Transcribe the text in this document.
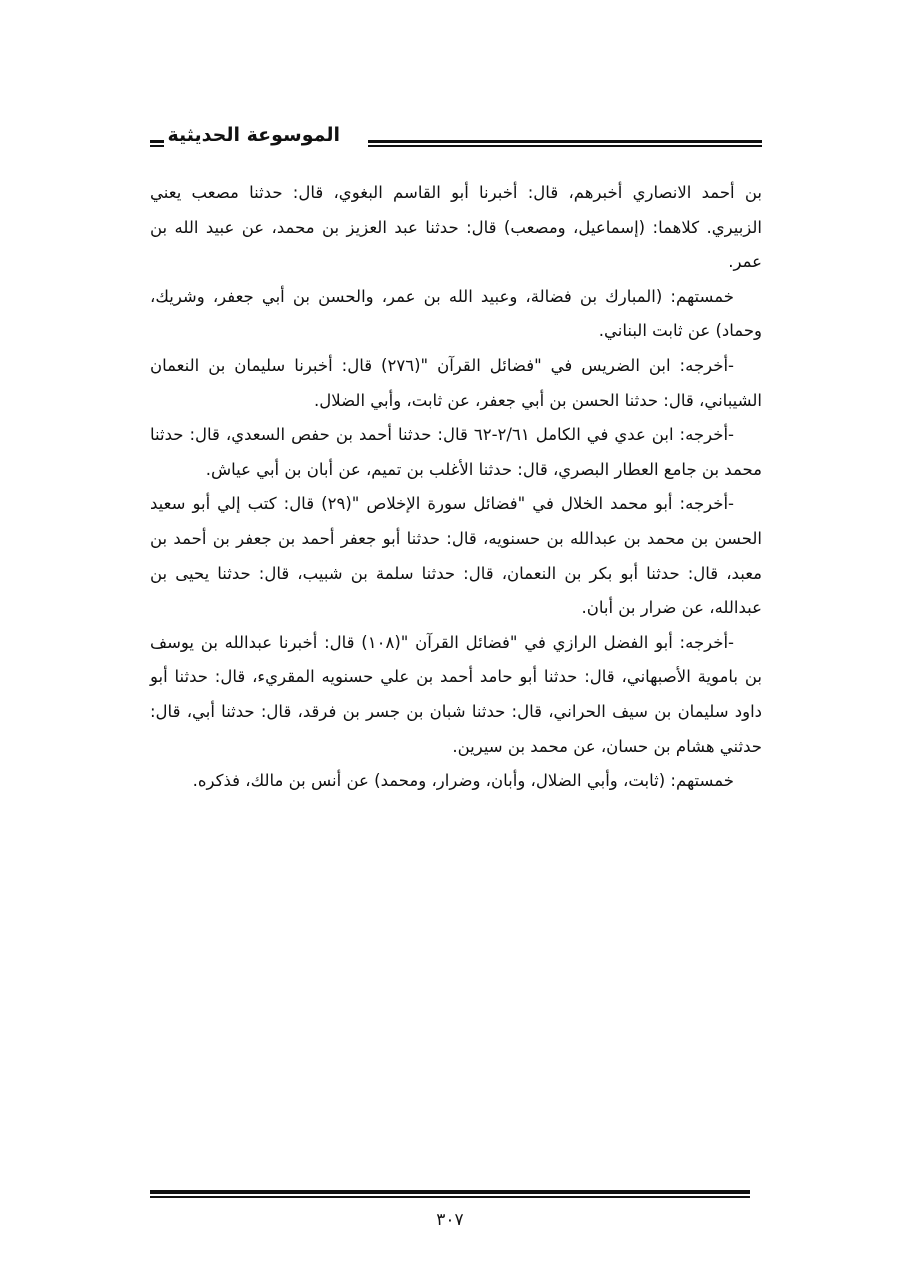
الموسوعة الحديثية

بن أحمد الانصاري أخبرهم، قال: أخبرنا أبو القاسم البغوي، قال: حدثنا مصعب يعني الزبيري. كلاهما: (إسماعيل، ومصعب) قال: حدثنا عبد العزيز بن محمد، عن عبيد الله بن عمر.

خمستهم: (المبارك بن فضالة، وعبيد الله بن عمر، والحسن بن أبي جعفر، وشريك، وحماد) عن ثابت البناني.

-أخرجه: ابن الضريس في "فضائل القرآن "(٢٧٦) قال: أخبرنا سليمان بن النعمان الشيباني، قال: حدثنا الحسن بن أبي جعفر، عن ثابت، وأبي الضلال.

-أخرجه: ابن عدي في الكامل ٢/٦١-٦٢ قال: حدثنا أحمد بن حفص السعدي، قال: حدثنا محمد بن جامع العطار البصري، قال: حدثنا الأغلب بن تميم، عن أبان بن أبي عياش.

-أخرجه: أبو محمد الخلال في "فضائل سورة الإخلاص "(٢٩) قال: كتب إلي أبو سعيد الحسن بن محمد بن عبدالله بن حسنويه، قال: حدثنا أبو جعفر أحمد بن جعفر بن أحمد بن معبد، قال: حدثنا أبو بكر بن النعمان، قال: حدثنا سلمة بن شبيب، قال: حدثنا يحيى بن عبدالله، عن ضرار بن أبان.

-أخرجه: أبو الفضل الرازي في "فضائل القرآن "(١٠٨) قال: أخبرنا عبدالله بن يوسف بن باموية الأصبهاني، قال: حدثنا أبو حامد أحمد بن علي حسنويه المقريء، قال: حدثنا أبو داود سليمان بن سيف الحراني، قال: حدثنا شبان بن جسر بن فرقد، قال: حدثنا أبي، قال: حدثني هشام بن حسان، عن محمد بن سيرين.

خمستهم: (ثابت، وأبي الضلال، وأبان، وضرار، ومحمد) عن أنس بن مالك، فذكره.

٣٠٧
